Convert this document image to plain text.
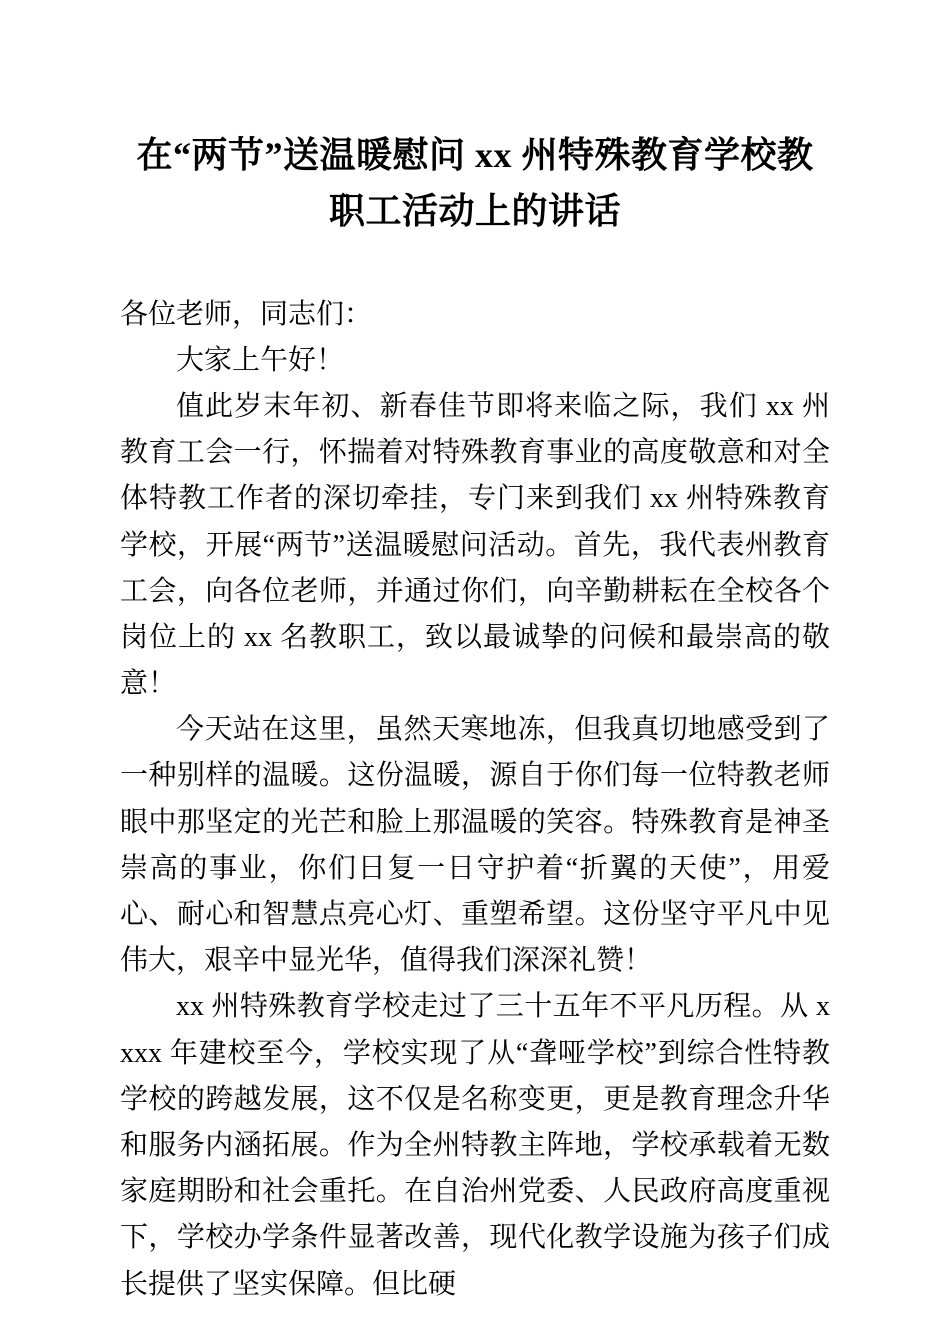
在“两节”送温暖慰问 xx 州特殊教育学校教
职工活动上的讲话

各位老师，同志们：

大家上午好！

值此岁末年初、新春佳节即将来临之际，我们 xx 州教育工会一行，怀揣着对特殊教育事业的高度敬意和对全体特教工作者的深切牵挂，专门来到我们 xx 州特殊教育学校，开展“两节”送温暖慰问活动。首先，我代表州教育工会，向各位老师，并通过你们，向辛勤耕耘在全校各个岗位上的 xx 名教职工，致以最诚挚的问候和最崇高的敬意！

今天站在这里，虽然天寒地冻，但我真切地感受到了一种别样的温暖。这份温暖，源自于你们每一位特教老师眼中那坚定的光芒和脸上那温暖的笑容。特殊教育是神圣崇高的事业，你们日复一日守护着“折翼的天使”，用爱心、耐心和智慧点亮心灯、重塑希望。这份坚守平凡中见伟大，艰辛中显光华，值得我们深深礼赞！

xx 州特殊教育学校走过了三十五年不平凡历程。从 xxxx 年建校至今，学校实现了从“聋哑学校”到综合性特教学校的跨越发展，这不仅是名称变更，更是教育理念升华和服务内涵拓展。作为全州特教主阵地，学校承载着无数家庭期盼和社会重托。在自治州党委、人民政府高度重视下，学校办学条件显著改善，现代化教学设施为孩子们成长提供了坚实保障。但比硬
